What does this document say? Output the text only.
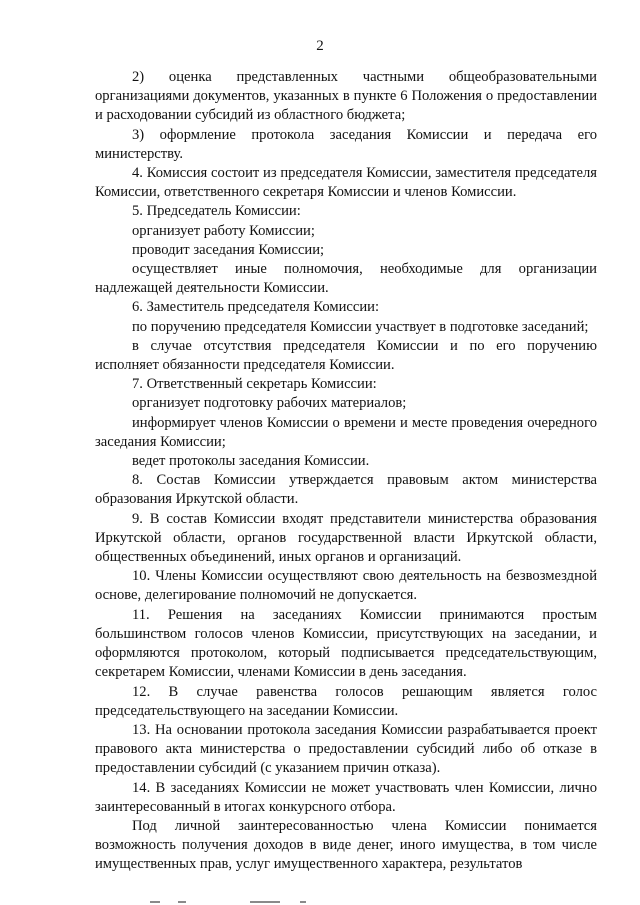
2

2) оценка представленных частными общеобразовательными организациями документов, указанных в пункте 6 Положения о предоставлении и расходовании субсидий из областного бюджета;

3) оформление протокола заседания Комиссии и передача его министерству.

4. Комиссия состоит из председателя Комиссии, заместителя председателя Комиссии, ответственного секретаря Комиссии и членов Комиссии.

5. Председатель Комиссии:

организует работу Комиссии;

проводит заседания Комиссии;

осуществляет иные полномочия, необходимые для организации надлежащей деятельности Комиссии.

6. Заместитель председателя Комиссии:

по поручению председателя Комиссии участвует в подготовке заседаний;

в случае отсутствия председателя Комиссии и по его поручению исполняет обязанности председателя Комиссии.

7. Ответственный секретарь Комиссии:

организует подготовку рабочих материалов;

информирует членов Комиссии о времени и месте проведения очередного заседания Комиссии;

ведет протоколы заседания Комиссии.

8. Состав Комиссии утверждается правовым актом министерства образования Иркутской области.

9. В состав Комиссии входят представители министерства образования Иркутской области, органов государственной власти Иркутской области, общественных объединений, иных органов и организаций.

10. Члены Комиссии осуществляют свою деятельность на безвозмездной основе, делегирование полномочий не допускается.

11. Решения на заседаниях Комиссии принимаются простым большинством голосов членов Комиссии, присутствующих на заседании, и оформляются протоколом, который подписывается председательствующим, секретарем Комиссии, членами Комиссии в день заседания.

12. В случае равенства голосов решающим является голос председательствующего на заседании Комиссии.

13. На основании протокола заседания Комиссии разрабатывается проект правового акта министерства о предоставлении субсидий либо об отказе в предоставлении субсидий (с указанием причин отказа).

14. В заседаниях Комиссии не может участвовать член Комиссии, лично заинтересованный в итогах конкурсного отбора.

Под личной заинтересованностью члена Комиссии понимается возможность получения доходов в виде денег, иного имущества, в том числе имущественных прав, услуг имущественного характера, результатов
